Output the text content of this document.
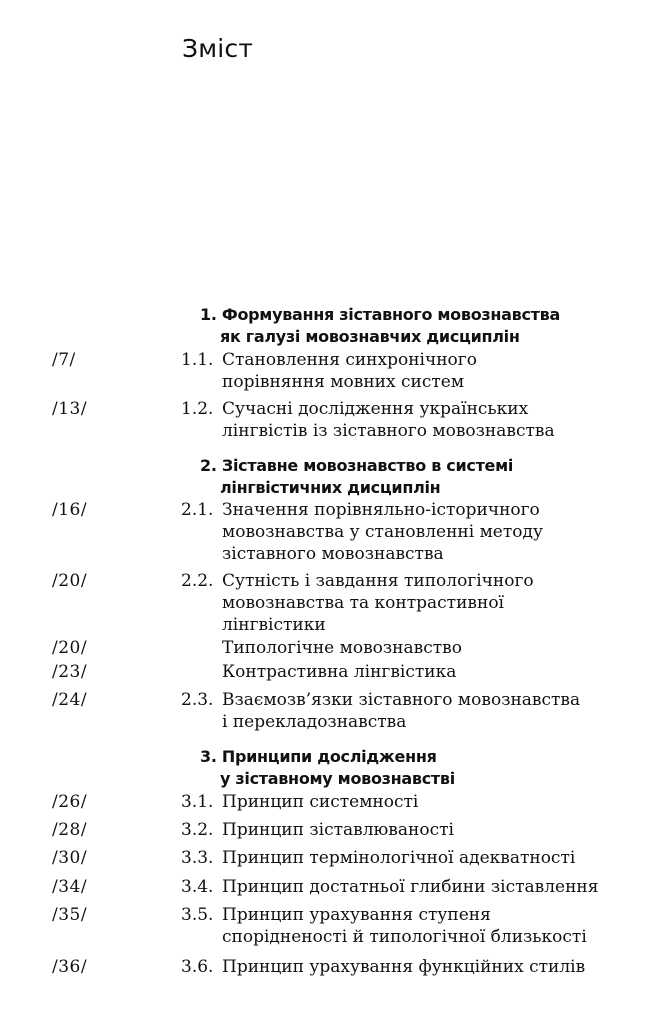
Зміст
1. Формування зіставного мовознавства
як галузі мовознавчих дисциплін
/7/	1.1. Становлення синхронічного
порівняння мовних систем
/13/	1.2. Сучасні дослідження українських
лінгвістів із зіставного мовознавства
2. Зіставне мовознавство в системі
лінгвістичних дисциплін
/16/	2.1. Значення порівняльно-історичного
мовознавства у становленні методу
зіставного мовознавства
/20/	2.2. Сутність і завдання типологічного
мовознавства та контрастивної
лінгвістики
/20/	Типологічне мовознавство
/23/	Контрастивна лінгвістика
/24/	2.3. Взаємозв’язки зіставного мовознавства
і перекладознавства
3. Принципи дослідження
у зіставному мовознавстві
/26/	3.1. Принцип системності
/28/	3.2. Принцип зіставлюваності
/30/	3.3. Принцип термінологічної адекватності
/34/	3.4. Принцип достатньої глибини зіставлення
/35/	3.5. Принцип урахування ступеня
спорідненості й типологічної близькості
/36/	3.6. Принцип урахування функційних стилів
